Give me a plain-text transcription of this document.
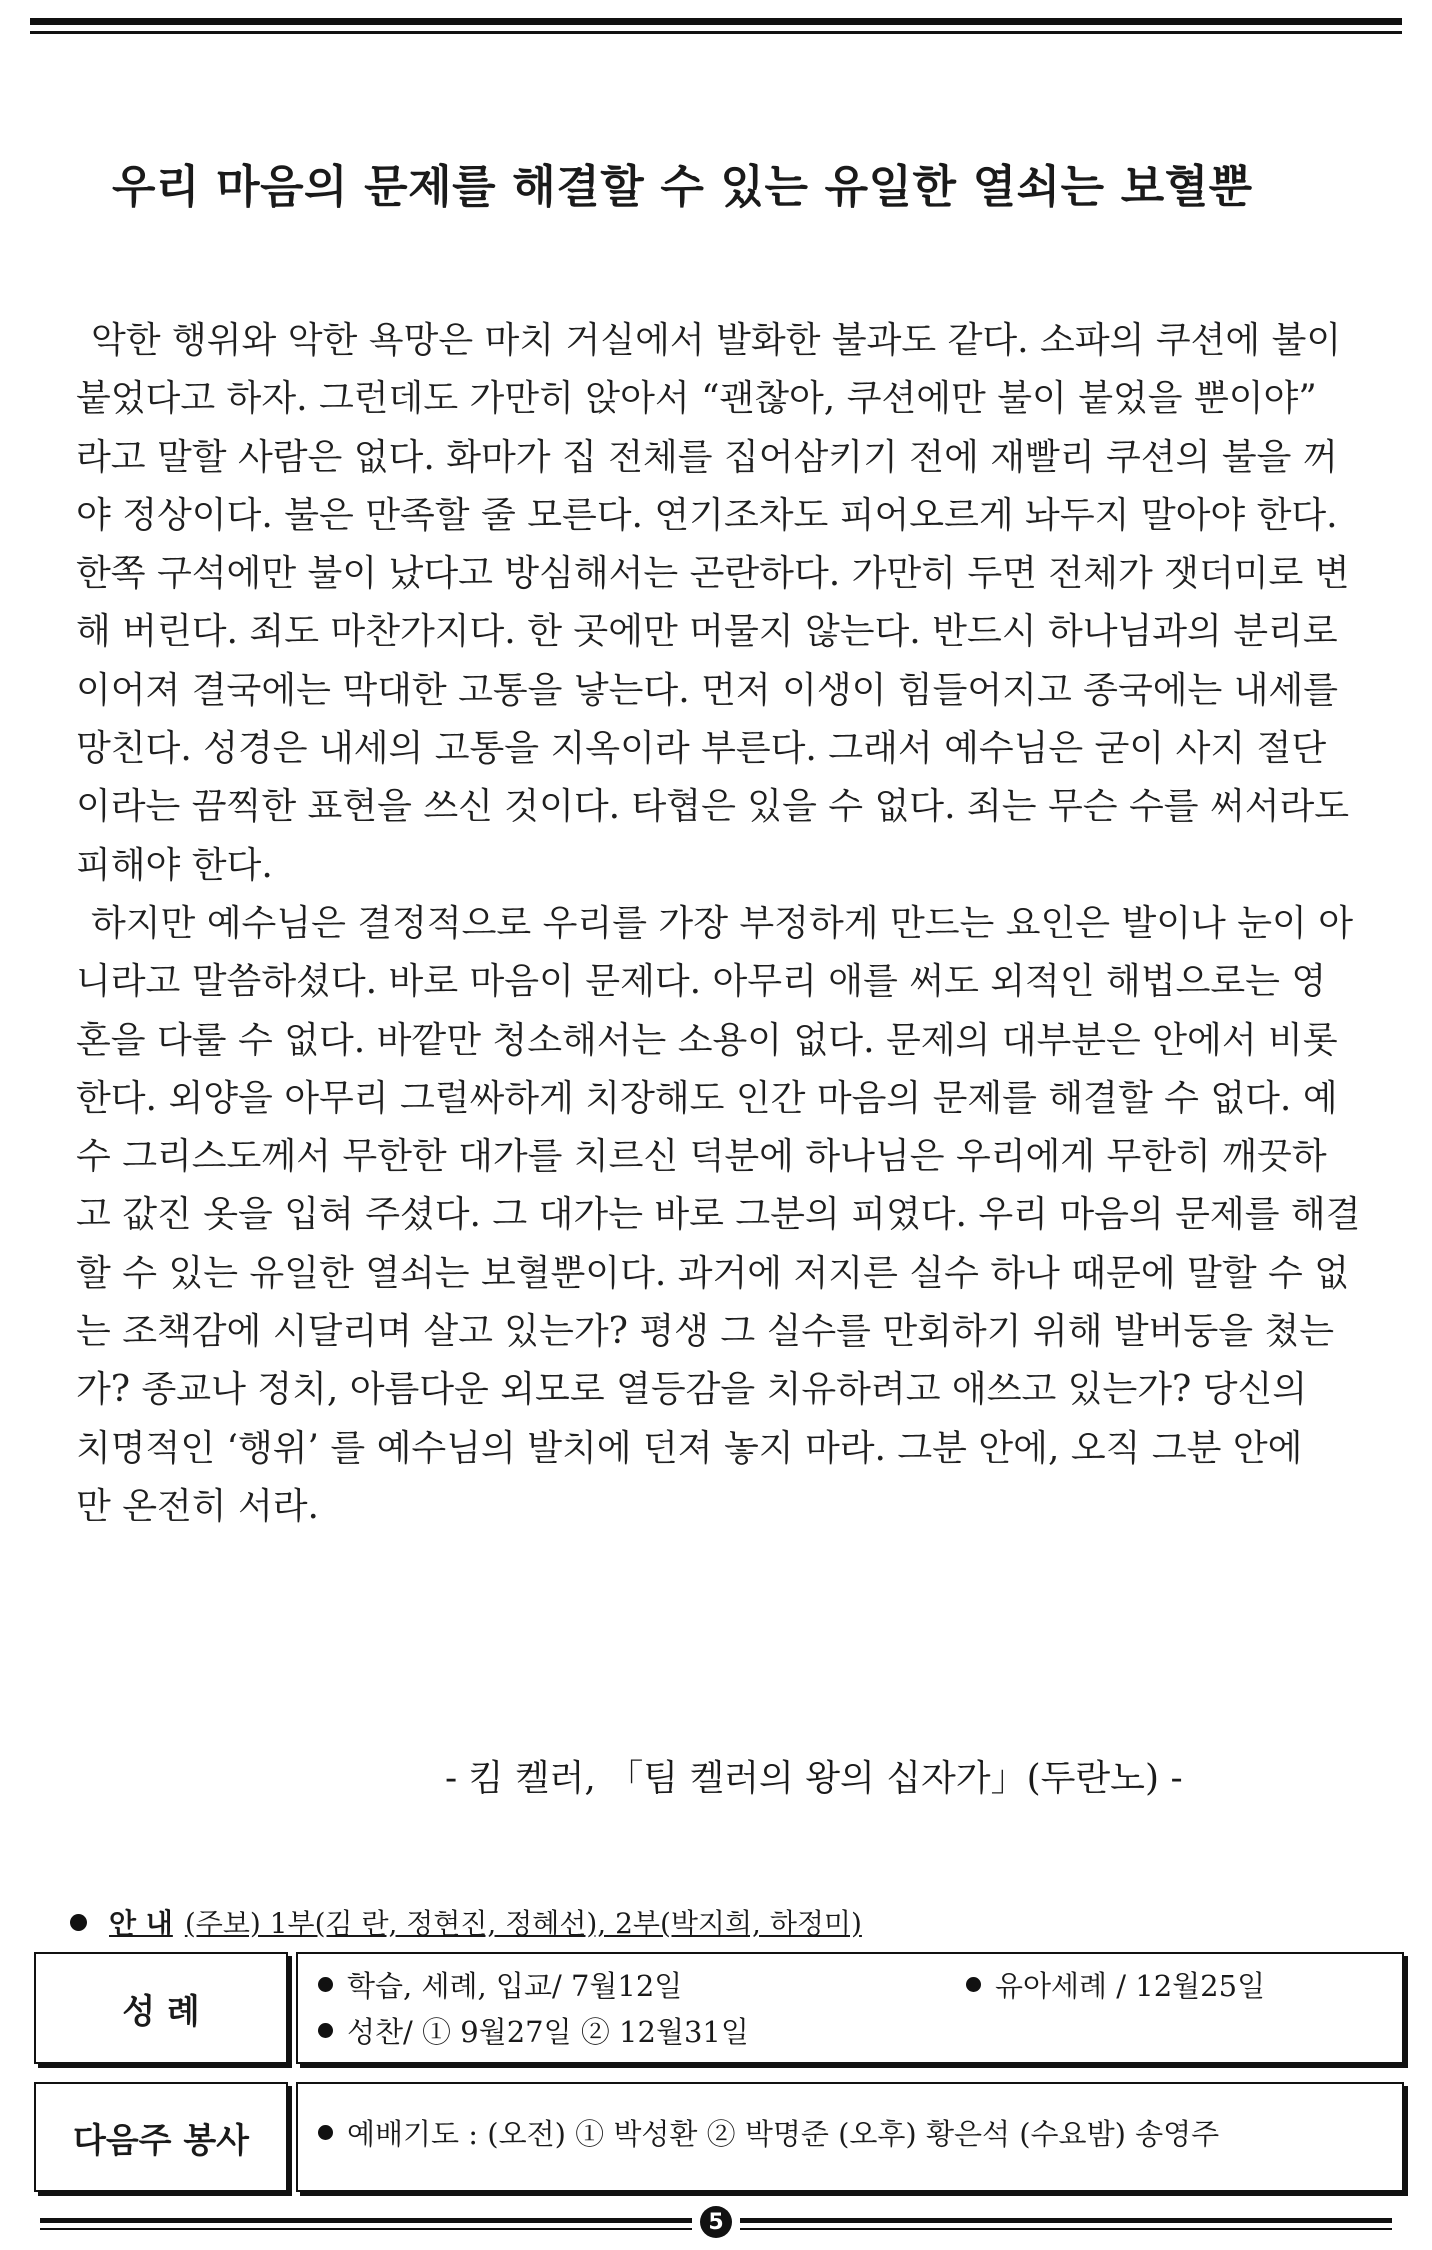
우리 마음의 문제를 해결할 수 있는 유일한 열쇠는 보혈뿐
악한 행위와 악한 욕망은 마치 거실에서 발화한 불과도 같다. 소파의 쿠션에 불이
붙었다고 하자. 그런데도 가만히 앉아서 “괜찮아, 쿠션에만 불이 붙었을 뿐이야”
라고 말할 사람은 없다. 화마가 집 전체를 집어삼키기 전에 재빨리 쿠션의 불을 꺼
야 정상이다. 불은 만족할 줄 모른다. 연기조차도 피어오르게 놔두지 말아야 한다.
한쪽 구석에만 불이 났다고 방심해서는 곤란하다. 가만히 두면 전체가 잿더미로 변
해 버린다. 죄도 마찬가지다. 한 곳에만 머물지 않는다. 반드시 하나님과의 분리로
이어져 결국에는 막대한 고통을 낳는다. 먼저 이생이 힘들어지고 종국에는 내세를
망친다. 성경은 내세의 고통을 지옥이라 부른다. 그래서 예수님은 굳이 사지 절단
이라는 끔찍한 표현을 쓰신 것이다. 타협은 있을 수 없다. 죄는 무슨 수를 써서라도
피해야 한다.
하지만 예수님은 결정적으로 우리를 가장 부정하게 만드는 요인은 발이나 눈이 아
니라고 말씀하셨다. 바로 마음이 문제다. 아무리 애를 써도 외적인 해법으로는 영
혼을 다룰 수 없다. 바깥만 청소해서는 소용이 없다. 문제의 대부분은 안에서 비롯
한다. 외양을 아무리 그럴싸하게 치장해도 인간 마음의 문제를 해결할 수 없다. 예
수 그리스도께서 무한한 대가를 치르신 덕분에 하나님은 우리에게 무한히 깨끗하
고 값진 옷을 입혀 주셨다. 그 대가는 바로 그분의 피였다. 우리 마음의 문제를 해결
할 수 있는 유일한 열쇠는 보혈뿐이다. 과거에 저지른 실수 하나 때문에 말할 수 없
는 조책감에 시달리며 살고 있는가? 평생 그 실수를 만회하기 위해 발버둥을 쳤는
가? 종교나 정치, 아름다운 외모로 열등감을 치유하려고 애쓰고 있는가? 당신의
치명적인 ‘행위’ 를 예수님의 발치에 던져 놓지 마라. 그분 안에, 오직 그분 안에
만 온전히 서라.
- 킴 켈러, 「팀 켈러의 왕의 십자가」(두란노) -
안 내 (주보) 1부(김 란, 정현진, 정혜선), 2부(박지희, 하정미)
성 례
학습, 세례, 입교/ 7월12일	유아세례 / 12월25일
성찬/ ① 9월27일 ② 12월31일
다음주 봉사	예배기도 : (오전) ① 박성환 ② 박명준 (오후) 황은석 (수요밤) 송영주
5
